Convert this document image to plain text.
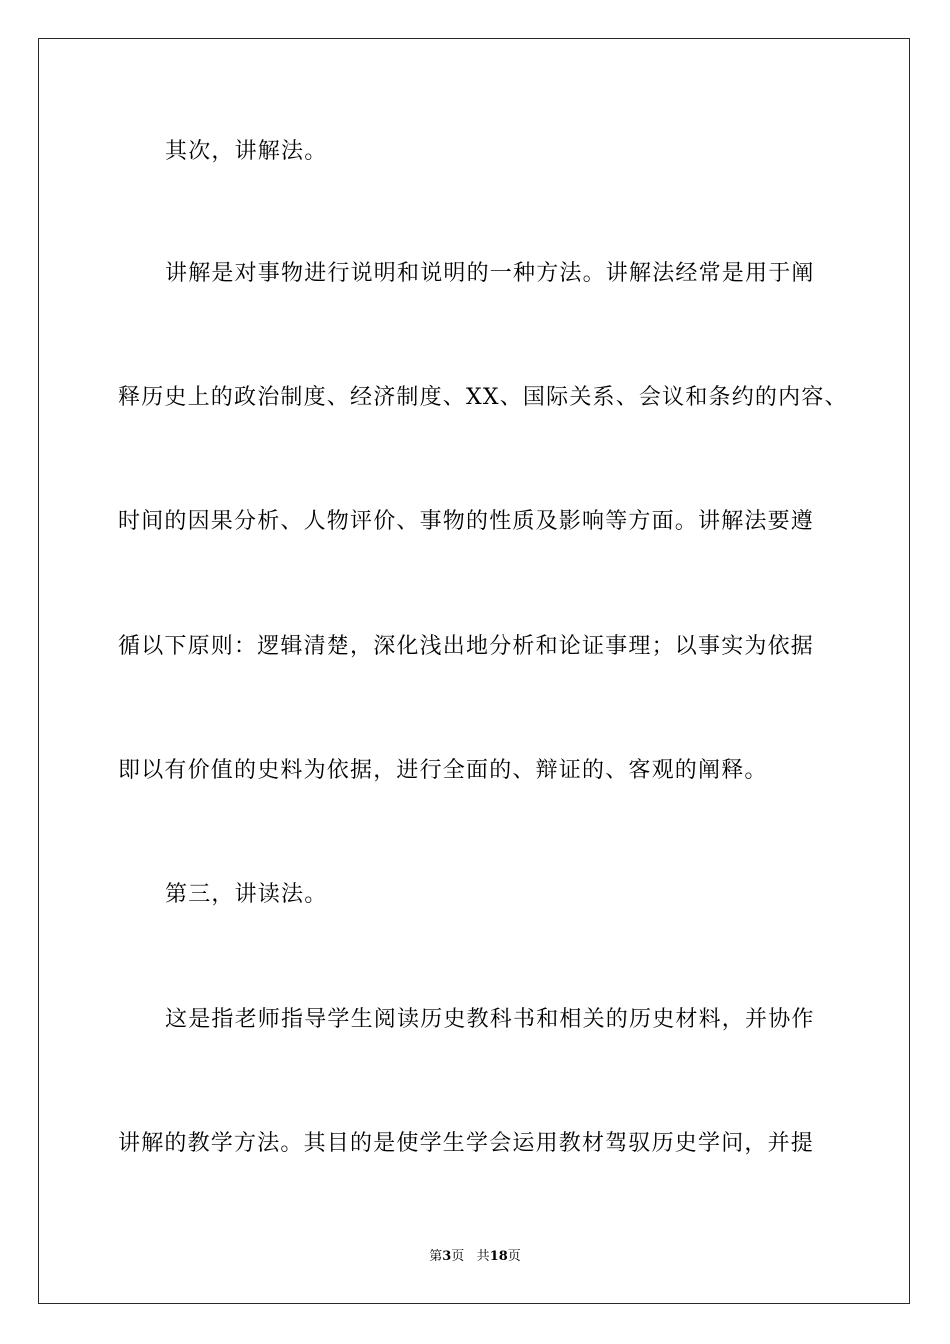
其次，讲解法。
讲解是对事物进行说明和说明的一种方法。讲解法经常是用于阐
释历史上的政治制度、经济制度、XX、国际关系、会议和条约的内容、
时间的因果分析、人物评价、事物的性质及影响等方面。讲解法要遵
循以下原则：逻辑清楚，深化浅出地分析和论证事理；以事实为依据
即以有价值的史料为依据，进行全面的、辩证的、客观的阐释。
第三，讲读法。
这是指老师指导学生阅读历史教科书和相关的历史材料，并协作
讲解的教学方法。其目的是使学生学会运用教材驾驭历史学问，并提
第3页 共18页
